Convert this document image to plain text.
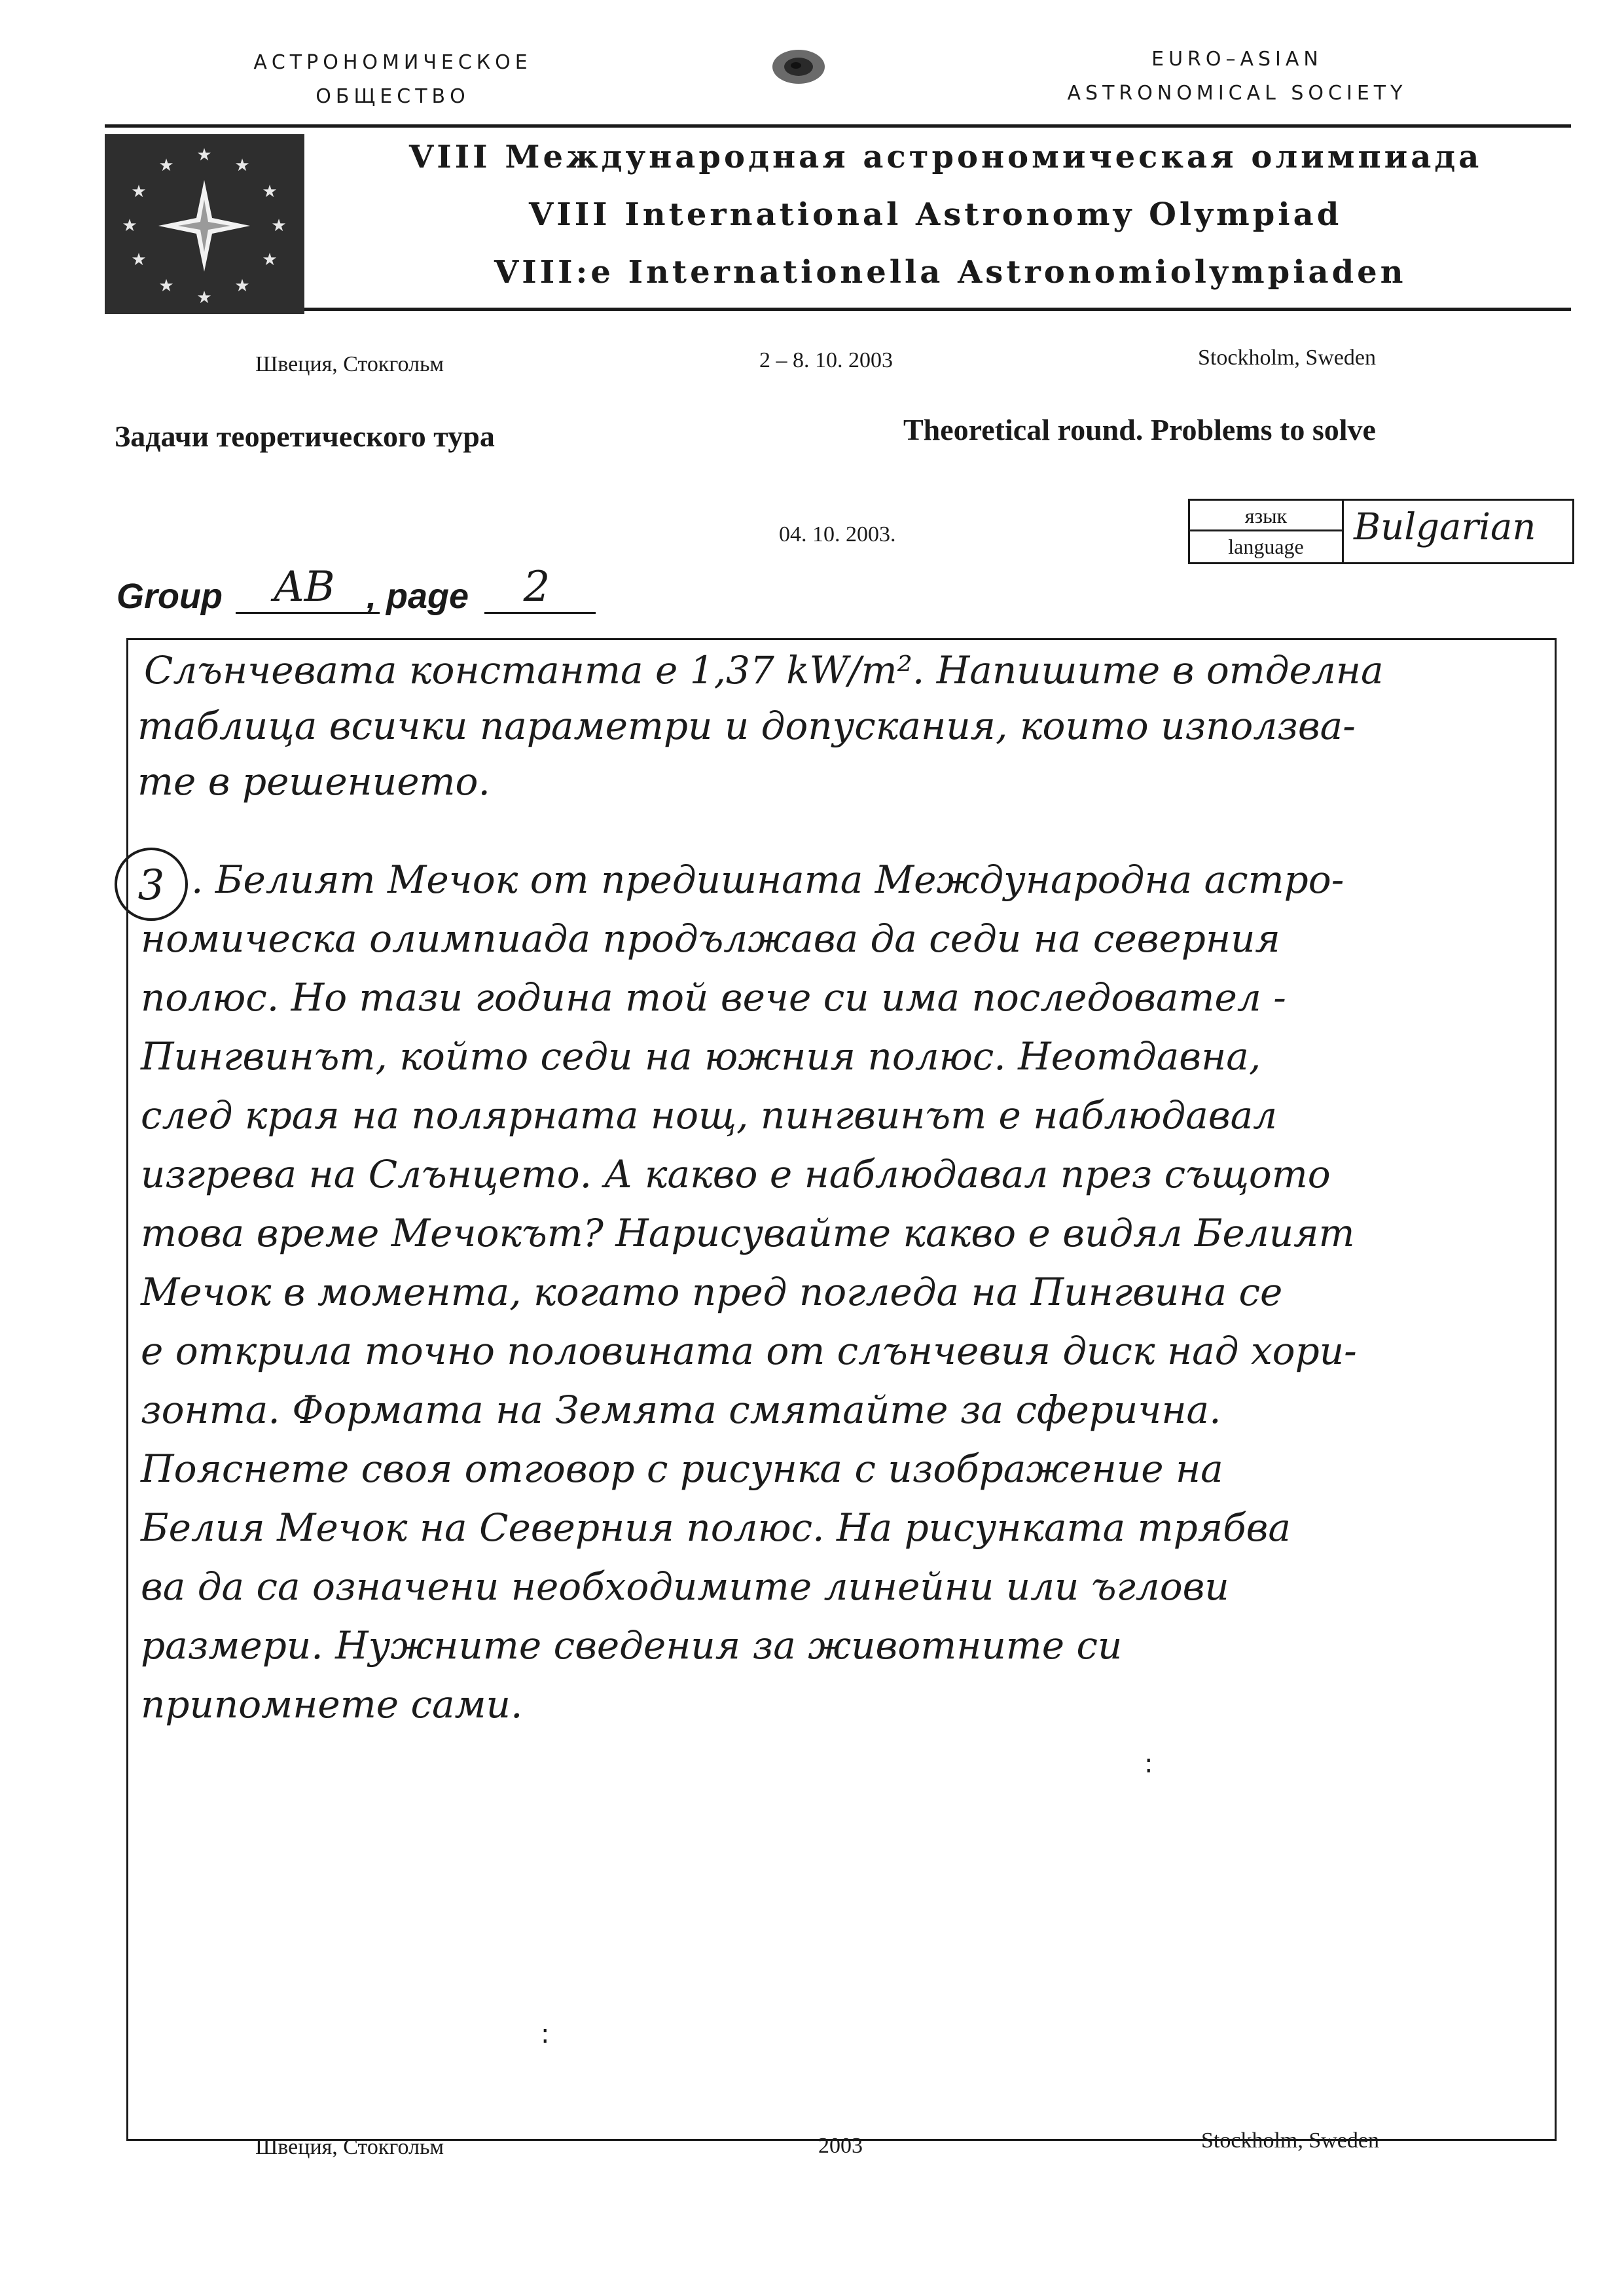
АСТРОНОМИЧЕСКОЕ
ОБЩЕСТВО
EURO–ASIAN
ASTRONOMICAL SOCIETY
★
★
★
★
★
★
★
★
★
★
★
★	VIII Международная астрономическая олимпиада
VIII International Astronomy Olympiad
VIII:e Internationella Astronomiolympiaden
Швеция, Стокгольм	2 – 8. 10. 2003	Stockholm, Sweden
Задачи теоретического тура	Theoretical round. Problems to solve
04. 10. 2003.
язык
language	Bulgarian
Group	AB , page	2
Слънчевата константа е 1,37 kW/m². Напишите в отделна
таблица всички параметри и допускания, които използва-
те в решението.
3 . Белият Мечок от предишната Международна астро-
номическа олимпиада продължава да седи на северния
полюс. Но тази година той вече си има последовател -
Пингвинът, който седи на южния полюс. Неотдавна,
след края на полярната нощ, пингвинът е наблюдавал
изгрева на Слънцето. А какво е наблюдавал през същото
това време Мечокът? Нарисувайте какво е видял Белият
Мечок в момента, когато пред погледа на Пингвина се
е открила точно половината от слънчевия диск над хори-
зонта. Формата на Земята смятайте за сферична.
Пояснете своя отговор с рисунка с изображение на
Белия Мечок на Северния полюс. На рисунката трябва
ва да са означени необходимите линейни или ъглови
размери. Нужните сведения за животните си
припомнете сами.
:
:
Швеция, Стокгольм	2003	Stockholm, Sweden
